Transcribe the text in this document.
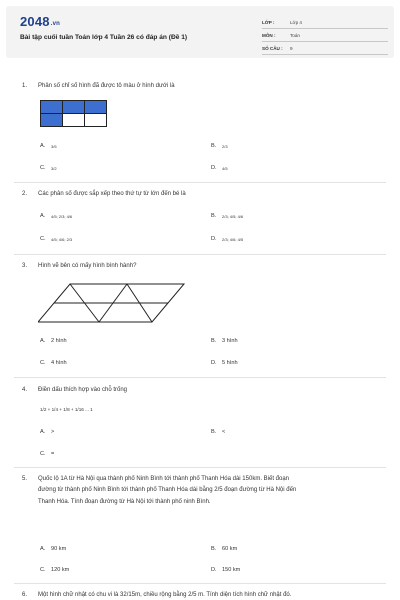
2048.vn
Bài tập cuối tuần Toán lớp 4 Tuần 26 có đáp án (Đề 1)
LỚP :	Lớp 4
MÔN :	Toán
SỐ CÂU : 9
1. Phân số chỉ số hình đã được tô màu ở hình dưới là
A. 3/5	B. 2/3
C. 3/2	D. 4/5
2. Các phân số được sắp xếp theo thứ tự từ lớn đến bé là
A. 4/5; 2/3; 4/6	B. 2/3; 4/5; 4/6
C. 4/5; 4/6; 2/3	D. 2/3; 4/6; 4/5
3. Hình vẽ bên có mấy hình bình hành?
A. 2 hình	B. 3 hình
C. 4 hình	D. 5 hình
4. Điền dấu thích hợp vào chỗ trống
1/2 + 1/4 + 1/8 + 1/16 ... 1
A. >	B. <
C. =
5.	Quốc lộ 1A từ Hà Nội qua thành phố Ninh Bình tới thành phố Thanh Hóa dài 150km. Biết đoạn
đường từ thành phố Ninh Bình tới thành phố Thanh Hóa dài bằng 2/5 đoạn đường từ Hà Nội đến
Thanh Hóa. Tính đoạn đường từ Hà Nội tới thành phố ninh Bình.
A. 90 km	B. 60 km
C. 120 km	D. 150 km
6. Một hình chữ nhật có chu vi là 32/15m, chiều rộng bằng 2/5 m. Tính diện tích hình chữ nhật đó.
